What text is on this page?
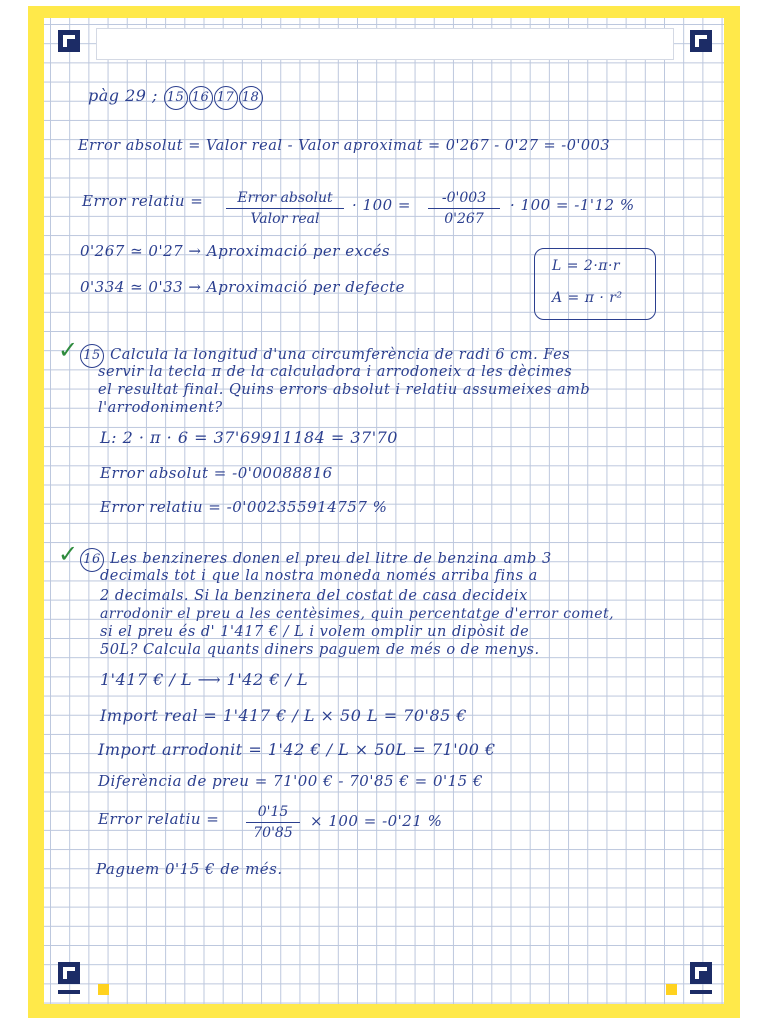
pàg 29 ; 15 16 17 18
Error absolut = Valor real - Valor aproximat = 0'267 - 0'27 = -0'003
Error relatiu =	Error absolut
Valor real
· 100 =	-0'003
0'267
· 100 = -1'12 %
0'267 ≃ 0'27 → Aproximació per excés
0'334 ≃ 0'33 → Aproximació per defecte
L = 2·π·r
A = π · r²
✓ 15 Calcula la longitud d'una circumferència de radi 6 cm. Fes
servir la tecla π de la calculadora i arrodoneix a les dècimes
el resultat final. Quins errors absolut i relatiu assumeixes amb
l'arrodoniment?
L: 2 · π · 6 = 37'69911184 = 37'70
Error absolut = -0'00088816
Error relatiu = -0'002355914757 %
✓ 16 Les benzineres donen el preu del litre de benzina amb 3
decimals tot i que la nostra moneda només arriba fins a
2 decimals. Si la benzinera del costat de casa decideix
arrodonir el preu a les centèsimes, quin percentatge d'error comet,
si el preu és d' 1'417 € / L i volem omplir un dipòsit de
50L? Calcula quants diners paguem de més o de menys.
1'417 € / L ⟶ 1'42 € / L
Import real = 1'417 € / L × 50 L = 70'85 €
Import arrodonit = 1'42 € / L × 50L = 71'00 €
Diferència de preu = 71'00 € - 70'85 € = 0'15 €
Error relatiu =	0'15
70'85
× 100 = -0'21 %
Paguem 0'15 € de més.
